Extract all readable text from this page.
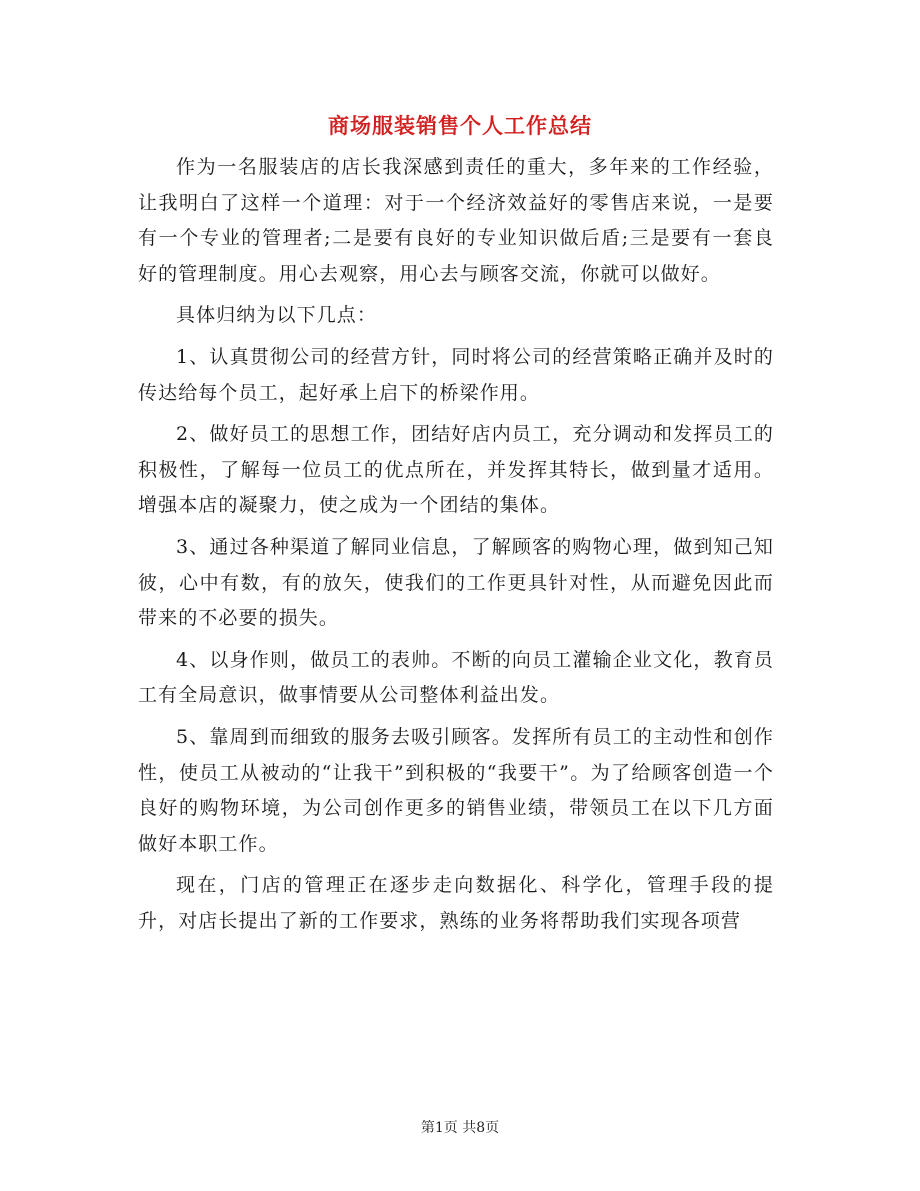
商场服装销售个人工作总结

作为一名服装店的店长我深感到责任的重大，多年来的工作经验，让我明白了这样一个道理：对于一个经济效益好的零售店来说，一是要有一个专业的管理者;二是要有良好的专业知识做后盾;三是要有一套良好的管理制度。用心去观察，用心去与顾客交流，你就可以做好。

具体归纳为以下几点：

1、认真贯彻公司的经营方针，同时将公司的经营策略正确并及时的传达给每个员工，起好承上启下的桥梁作用。

2、做好员工的思想工作，团结好店内员工，充分调动和发挥员工的积极性，了解每一位员工的优点所在，并发挥其特长，做到量才适用。增强本店的凝聚力，使之成为一个团结的集体。

3、通过各种渠道了解同业信息，了解顾客的购物心理，做到知己知彼，心中有数，有的放矢，使我们的工作更具针对性，从而避免因此而带来的不必要的损失。

4、以身作则，做员工的表帅。不断的向员工灌输企业文化，教育员工有全局意识，做事情要从公司整体利益出发。

5、靠周到而细致的服务去吸引顾客。发挥所有员工的主动性和创作性，使员工从被动的“让我干”到积极的“我要干”。为了给顾客创造一个良好的购物环境，为公司创作更多的销售业绩，带领员工在以下几方面做好本职工作。

现在，门店的管理正在逐步走向数据化、科学化，管理手段的提升，对店长提出了新的工作要求，熟练的业务将帮助我们实现各项营

第1页 共8页
